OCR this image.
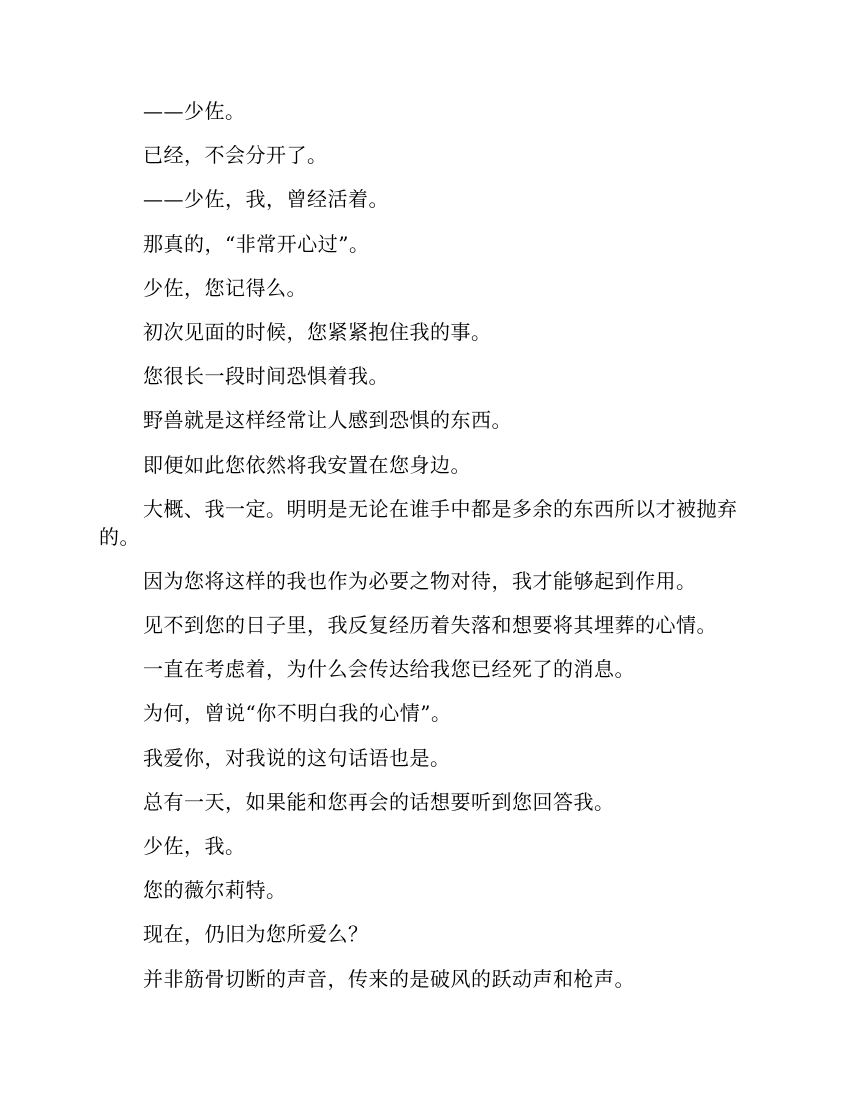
——少佐。

已经，不会分开了。

——少佐，我，曾经活着。

那真的，“非常开心过”。

少佐，您记得么。

初次见面的时候，您紧紧抱住我的事。

您很长一段时间恐惧着我。

野兽就是这样经常让人感到恐惧的东西。

即便如此您依然将我安置在您身边。

大概、我一定。明明是无论在谁手中都是多余的东西所以才被抛弃的。

因为您将这样的我也作为必要之物对待，我才能够起到作用。

见不到您的日子里，我反复经历着失落和想要将其埋葬的心情。

一直在考虑着，为什么会传达给我您已经死了的消息。

为何，曾说“你不明白我的心情”。

我爱你，对我说的这句话语也是。

总有一天，如果能和您再会的话想要听到您回答我。

少佐，我。

您的薇尔莉特。

现在，仍旧为您所爱么？

并非筋骨切断的声音，传来的是破风的跃动声和枪声。
